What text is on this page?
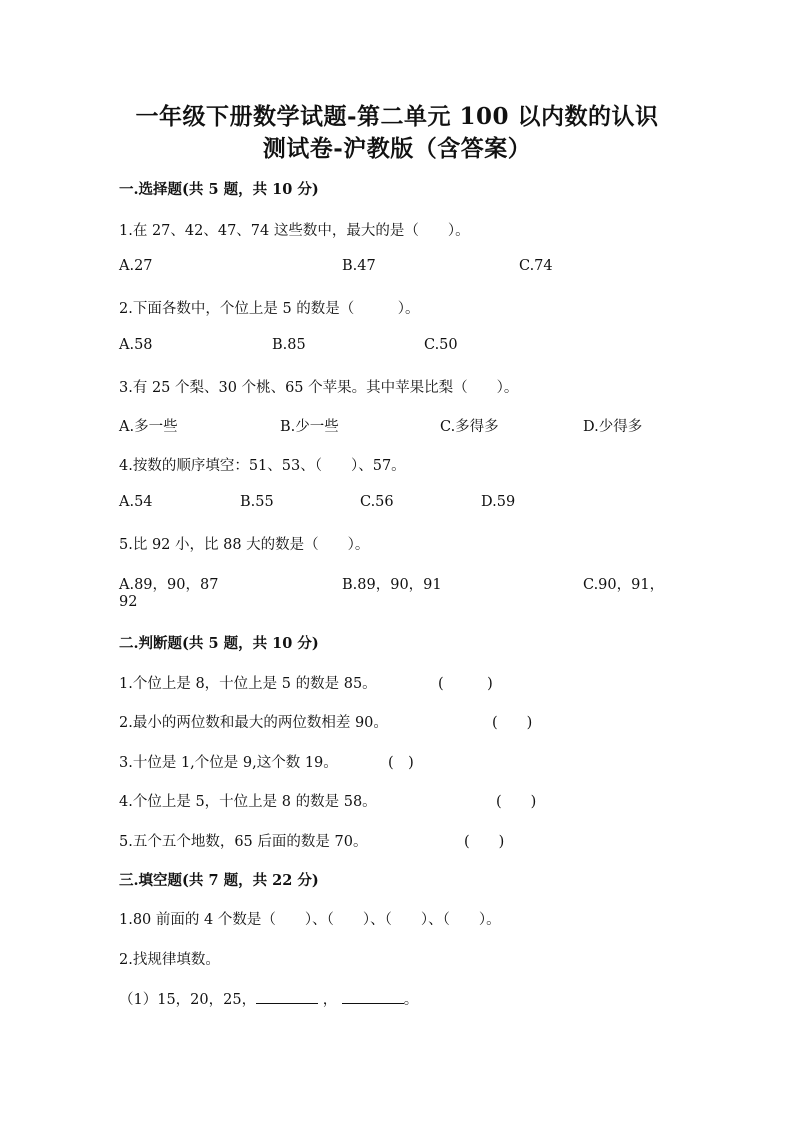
一年级下册数学试题-第二单元 100 以内数的认识
测试卷-沪教版（含答案）
一.选择题(共 5 题，共 10 分)
1.在 27、42、47、74 这些数中，最大的是（　　）。
A.27	B.47	C.74
2.下面各数中，个位上是 5 的数是（　　　）。
A.58	B.85	C.50
3.有 25 个梨、30 个桃、65 个苹果。其中苹果比梨（　　）。
A.多一些	B.少一些	C.多得多	D.少得多
4.按数的顺序填空：51、53、（　　）、57。
A.54	B.55	C.56	D.59
5.比 92 小，比 88 大的数是（　　）。
A.89，90，87	B.89，90，91	C.90，91，
92
二.判断题(共 5 题，共 10 分)
1.个位上是 8，十位上是 5 的数是 85。	(　　　)
2.最小的两位数和最大的两位数相差 90。	(　　)
3.十位是 1,个位是 9,这个数 19。	(　)
4.个位上是 5，十位上是 8 的数是 58。	(　　)
5.五个五个地数，65 后面的数是 70。	(　　)
三.填空题(共 7 题，共 22 分)
1.80 前面的 4 个数是（　　）、（　　）、（　　）、（　　）。
2.找规律填数。
（1）15，20，25，	，	。
